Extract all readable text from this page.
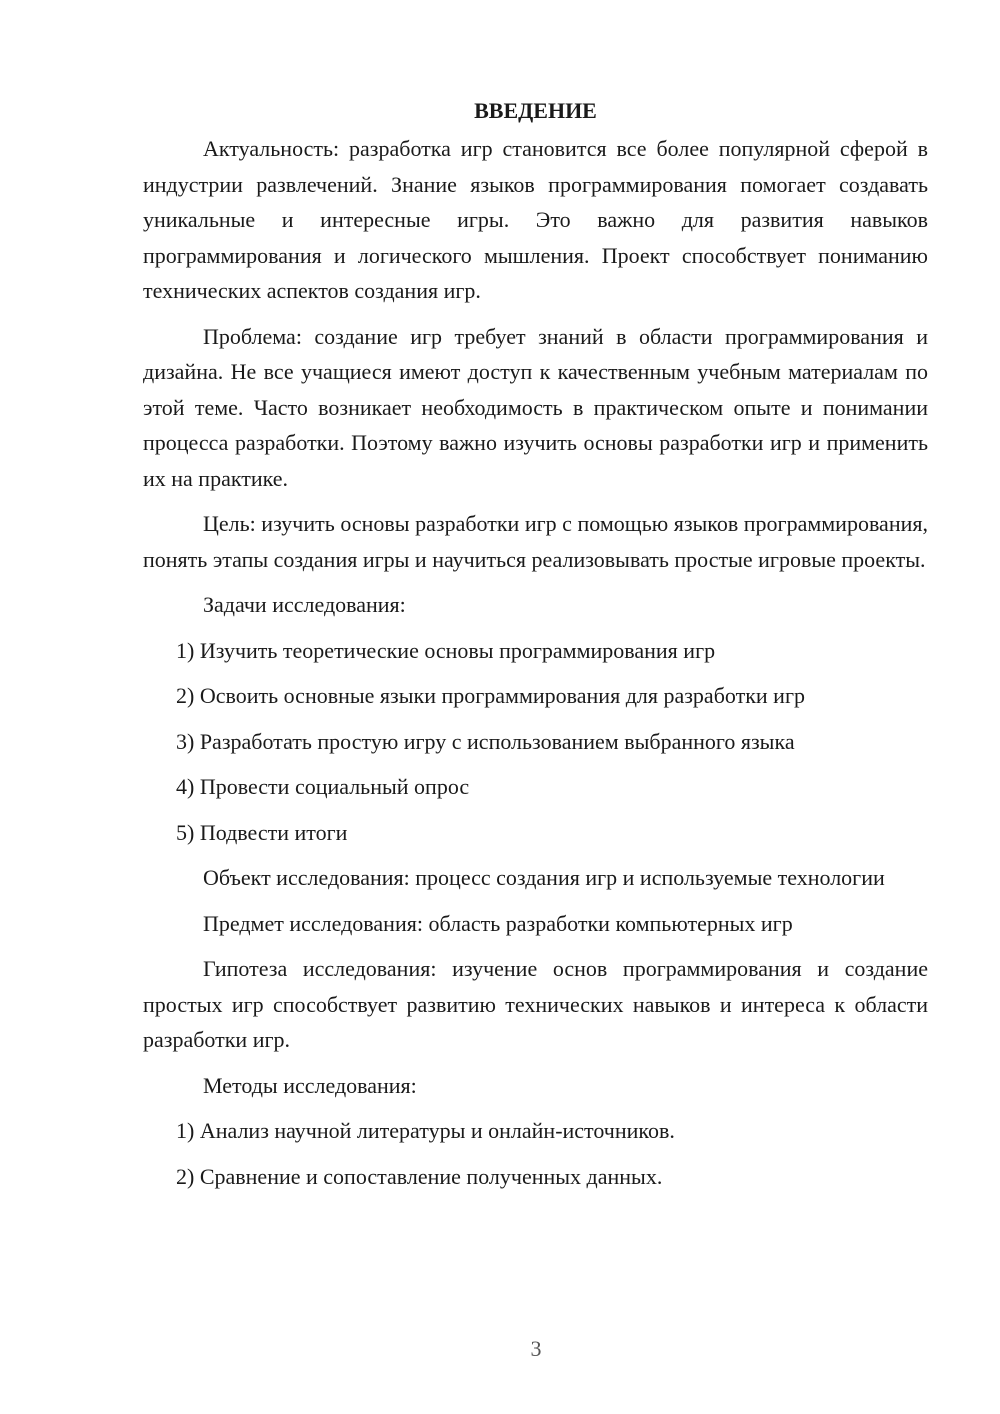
ВВЕДЕНИЕ

Актуальность: разработка игр становится все более популярной сферой в индустрии развлечений. Знание языков программирования помогает создавать уникальные и интересные игры. Это важно для развития навыков программирования и логического мышления. Проект способствует пониманию технических аспектов создания игр.

Проблема: создание игр требует знаний в области программирования и дизайна. Не все учащиеся имеют доступ к качественным учебным материалам по этой теме. Часто возникает необходимость в практическом опыте и понимании процесса разработки. Поэтому важно изучить основы разработки игр и применить их на практике.

Цель: изучить основы разработки игр с помощью языков программирования, понять этапы создания игры и научиться реализовывать простые игровые проекты.

Задачи исследования:

1) Изучить теоретические основы программирования игр
2) Освоить основные языки программирования для разработки игр
3) Разработать простую игру с использованием выбранного языка
4) Провести социальный опрос
5) Подвести итоги

Объект исследования: процесс создания игр и используемые технологии

Предмет исследования: область разработки компьютерных игр

Гипотеза исследования: изучение основ программирования и создание простых игр способствует развитию технических навыков и интереса к области разработки игр.

Методы исследования:

1) Анализ научной литературы и онлайн-источников.
2) Сравнение и сопоставление полученных данных.
3
